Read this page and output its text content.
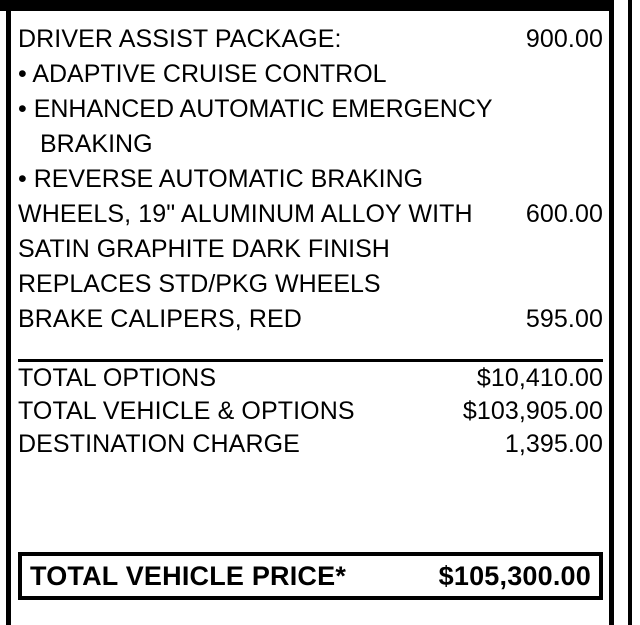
DRIVER ASSIST PACKAGE:	900.00
• ADAPTIVE CRUISE CONTROL
• ENHANCED AUTOMATIC EMERGENCY
BRAKING
• REVERSE AUTOMATIC BRAKING
WHEELS, 19" ALUMINUM ALLOY WITH	600.00
SATIN GRAPHITE DARK FINISH
REPLACES STD/PKG WHEELS
BRAKE CALIPERS, RED	595.00
TOTAL OPTIONS	$10,410.00
TOTAL VEHICLE & OPTIONS	$103,905.00
DESTINATION CHARGE	1,395.00
TOTAL VEHICLE PRICE*	$105,300.00
